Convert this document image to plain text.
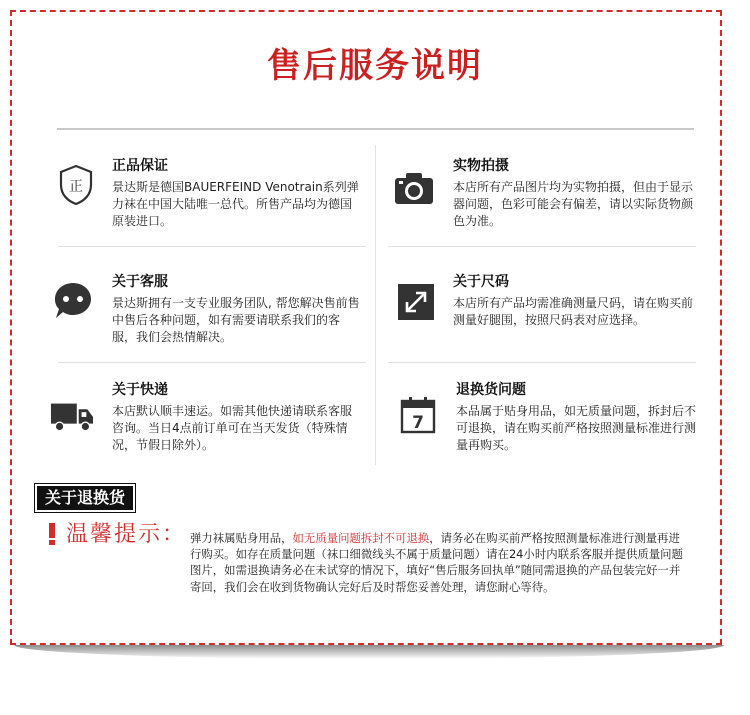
售后服务说明
正
正品保证
景达斯是德国BAUERFEIND Venotrain系列弹力袜在中国大陆唯一总代。所售产品均为德国原装进口。
实物拍摄
本店所有产品图片均为实物拍摄，但由于显示器问题，色彩可能会有偏差，请以实际货物颜色为准。
关于客服
景达斯拥有一支专业服务团队, 帮您解决售前售中售后各种问题，如有需要请联系我们的客服，我们会热情解决。
关于尺码
本店所有产品均需准确测量尺码，请在购买前测量好腿围，按照尺码表对应选择。
关于快递
本店默认顺丰速运。如需其他快递请联系客服咨询。当日4点前订单可在当天发货（特殊情况，节假日除外）。
7
退换货问题
本品属于贴身用品，如无质量问题，拆封后不可退换，请在购买前严格按照测量标准进行测量再购买。
关于退换货
温馨提示： 弹力袜属贴身用品，如无质量问题拆封不可退换，请务必在购买前严格按照测量标准进行测量再进行购买。如存在质量问题（袜口细微线头不属于质量问题）请在24小时内联系客服并提供质量问题图片，如需退换请务必在未试穿的情况下，填好“售后服务回执单”随同需退换的产品包装完好一并寄回，我们会在收到货物确认完好后及时帮您妥善处理，请您耐心等待。
